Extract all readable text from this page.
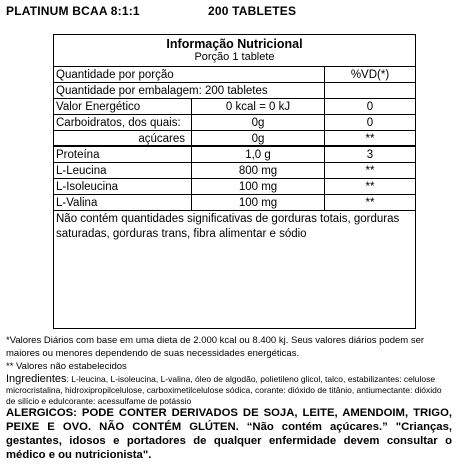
PLATINUM BCAA 8:1:1	200 TABLETES
Informação Nutricional
Porção 1 tablete
Quantidade por porção	%VD(*)
Quantidade por embalagem: 200 tabletes
Valor Energético	0 kcal = 0 kJ	0
Carboidratos, dos quais:	0g	0
açúcares	0g	**
Proteína	1,0 g	3
L-Leucina	800 mg	**
L-Isoleucina	100 mg	**
L-Valina	100 mg	**
Não contém quantidades significativas de gorduras totais, gorduras saturadas, gorduras trans, fibra alimentar e sódio
*Valores Diários com base em uma dieta de 2.000 kcal ou 8.400 kj. Seus valores diários podem ser maiores ou menores dependendo de suas necessidades energéticas.
** Valores não estabelecidos
Ingredientes: L-leucina, L-isoleucina, L-valina, óleo de algodão, polietileno glicol, talco, estabilizantes: celulose microcristalina, hidroxipropilcelulose, carboximetilcelulose sódica, corante: dióxido de titânio, antiumectante: dióxido de silício e edulcorante: acessulfame de potássio
ALERGICOS: PODE CONTER DERIVADOS DE SOJA, LEITE, AMENDOIM, TRIGO, PEIXE E OVO. NÃO CONTÉM GLÚTEN. “Não contém açúcares.” "Crianças, gestantes, idosos e portadores de qualquer enfermidade devem consultar o médico e ou nutricionista".
